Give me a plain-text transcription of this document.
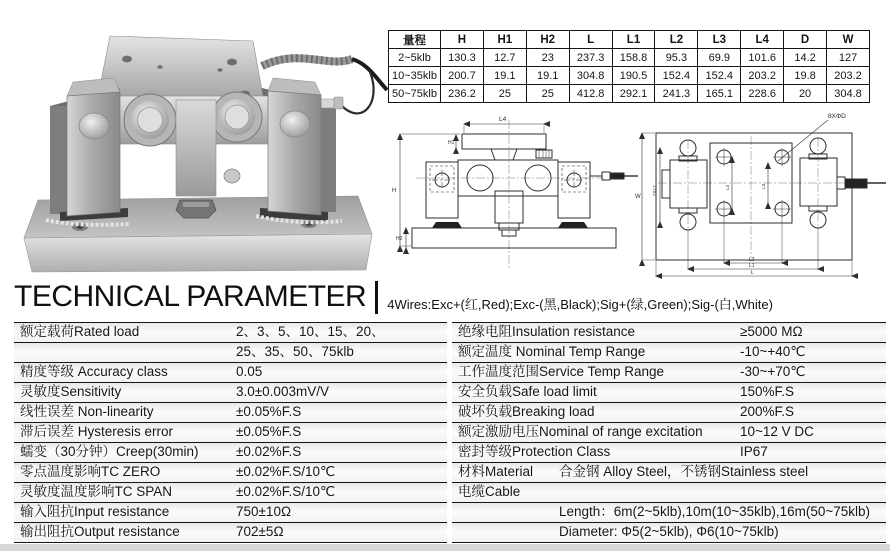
量程	H	H1	H2	L	L1	L2	L3	L4	D	W
2~5klb	130.3	12.7	23	237.3	158.8	95.3	69.9	101.6	14.2	127
10~35klb	200.7	19.1	19.1	304.8	190.5	152.4	152.4	203.2	19.8	203.2
50~75klb	236.2	25	25	412.8	292.1	241.3	165.1	228.6	20	304.8
L4
H1
H
H2
8XΦD
W
2XL2	L4	L3
L3
L1
L
TECHNICAL PARAMETER 4Wires:Exc+(红,Red);Exc-(黑,Black);Sig+(绿,Green);Sig-(白,White)
额定载荷Rated load	2、3、5、10、15、20、
25、35、50、75klb
精度等级 Accuracy class	0.05
灵敏度Sensitivity	3.0±0.003mV/V
线性误差 Non-linearity	±0.05%F.S
滞后误差 Hysteresis error	±0.05%F.S
蠕变（30分钟）Creep(30min)	±0.02%F.S
零点温度影响TC ZERO	±0.02%F.S/10℃
灵敏度温度影响TC SPAN	±0.02%F.S/10℃
输入阻抗Input resistance	750±10Ω
输出阻抗Output resistance	702±5Ω
绝缘电阻Insulation resistance	≥5000 MΩ
额定温度 Nominal Temp Range	-10~+40℃
工作温度范围Service Temp Range	-30~+70℃
安全负载Safe load limit	150%F.S
破坏负载Breaking load	200%F.S
额定激励电压Nominal of range excitation	10~12 V DC
密封等级Protection Class	IP67
材料Material	合金钢 Alloy Steel，不锈钢Stainless steel
电缆Cable
Length：6m(2~5klb),10m(10~35klb),16m(50~75klb)
Diameter: Φ5(2~5klb), Φ6(10~75klb)
